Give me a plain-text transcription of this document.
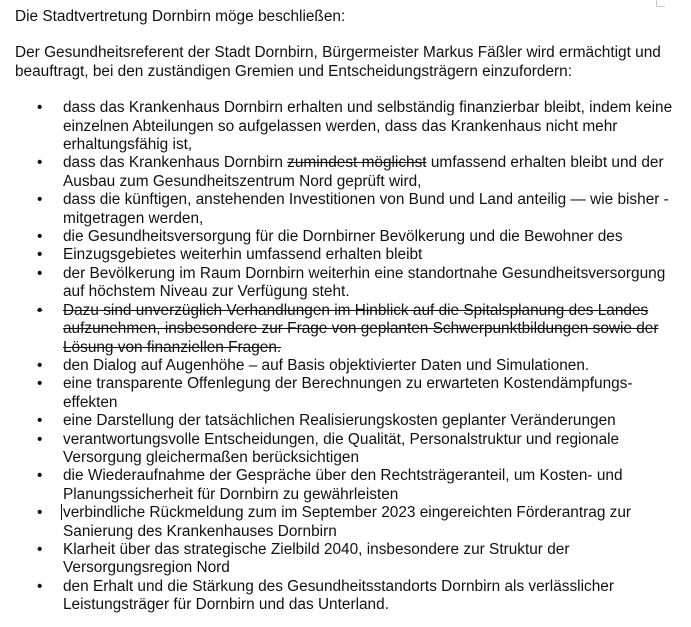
Die Stadtvertretung Dornbirn möge beschließen:

Der Gesundheitsreferent der Stadt Dornbirn, Bürgermeister Markus Fäßler wird ermächtigt und beauftragt, bei den zuständigen Gremien und Entscheidungsträgern einzufordern:

• dass das Krankenhaus Dornbirn erhalten und selbständig finanzierbar bleibt, indem keine einzelnen Abteilungen so aufgelassen werden, dass das Krankenhaus nicht mehr erhaltungsfähig ist,
• dass das Krankenhaus Dornbirn zumindest möglichst umfassend erhalten bleibt und der Ausbau zum Gesundheitszentrum Nord geprüft wird,
• dass die künftigen, anstehenden Investitionen von Bund und Land anteilig — wie bisher - mitgetragen werden,
• die Gesundheitsversorgung für die Dornbirner Bevölkerung und die Bewohner des
• Einzugsgebietes weiterhin umfassend erhalten bleibt
• der Bevölkerung im Raum Dornbirn weiterhin eine standortnahe Gesundheitsversorgung auf höchstem Niveau zur Verfügung steht.
• Dazu sind unverzüglich Verhandlungen im Hinblick auf die Spitalsplanung des Landes aufzunehmen, insbesondere zur Frage von geplanten Schwerpunktbildungen sowie der Lösung von finanziellen Fragen.
• den Dialog auf Augenhöhe – auf Basis objektivierter Daten und Simulationen.
• eine transparente Offenlegung der Berechnungen zu erwarteten Kostendämpfungs-effekten
• eine Darstellung der tatsächlichen Realisierungskosten geplanter Veränderungen
• verantwortungsvolle Entscheidungen, die Qualität, Personalstruktur und regionale Versorgung gleichermaßen berücksichtigen
• die Wiederaufnahme der Gespräche über den Rechtsträgeranteil, um Kosten- und Planungssicherheit für Dornbirn zu gewährleisten
• verbindliche Rückmeldung zum im September 2023 eingereichten Förderantrag zur Sanierung des Krankenhauses Dornbirn
• Klarheit über das strategische Zielbild 2040, insbesondere zur Struktur der Versorgungsregion Nord
• den Erhalt und die Stärkung des Gesundheitsstandorts Dornbirn als verlässlicher Leistungsträger für Dornbirn und das Unterland.
